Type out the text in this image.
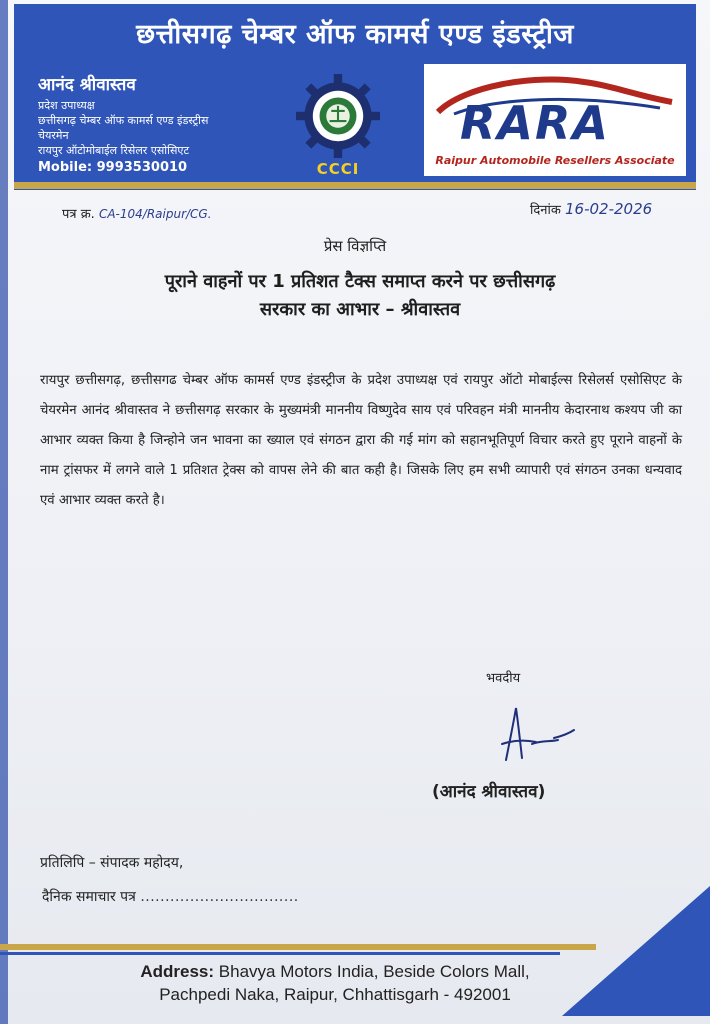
छत्तीसगढ़ चेम्बर ऑफ कामर्स एण्ड इंडस्ट्रीज
आनंद श्रीवास्तव
प्रदेश उपाध्यक्ष
छत्तीसगढ़ चेम्बर ऑफ कामर्स एण्ड इंडस्ट्रीस
चेयरमेन
रायपुर ऑटोमोबाईल रिसेलर एसोसिएट
Mobile: 9993530010	CCCI
RARA
Raipur Automobile Resellers Associate
पत्र क्र. CA-104/Raipur/CG.	दिनांक 16-02-2026
प्रेस विज्ञप्ति
पूराने वाहनों पर 1 प्रतिशत टैक्स समाप्त करने पर छत्तीसगढ़
सरकार का आभार – श्रीवास्तव
रायपुर छत्तीसगढ़, छत्तीसगढ चेम्बर ऑफ कामर्स एण्ड इंडस्ट्रीज के प्रदेश उपाध्यक्ष एवं रायपुर ऑटो मोबाईल्स रिसेलर्स एसोसिएट के चेयरमेन आनंद श्रीवास्तव ने छत्तीसगढ़ सरकार के मुख्यमंत्री माननीय विष्णुदेव साय एवं परिवहन मंत्री माननीय केदारनाथ कश्यप जी का आभार व्यक्त किया है जिन्होने जन भावना का ख्याल एवं संगठन द्वारा की गई मांग को सहानभूतिपूर्ण विचार करते हुए पूराने वाहनों के नाम ट्रांसफर में लगने वाले 1 प्रतिशत ट्रेक्स को वापस लेने की बात कही है। जिसके लिए हम सभी व्यापारी एवं संगठन उनका धन्यवाद एवं आभार व्यक्त करते है।
भवदीय
(आनंद श्रीवास्तव)
प्रतिलिपि – संपादक महोदय,
दैनिक समाचार पत्र ................................
Address: Bhavya Motors India, Beside Colors Mall,
Pachpedi Naka, Raipur, Chhattisgarh - 492001
